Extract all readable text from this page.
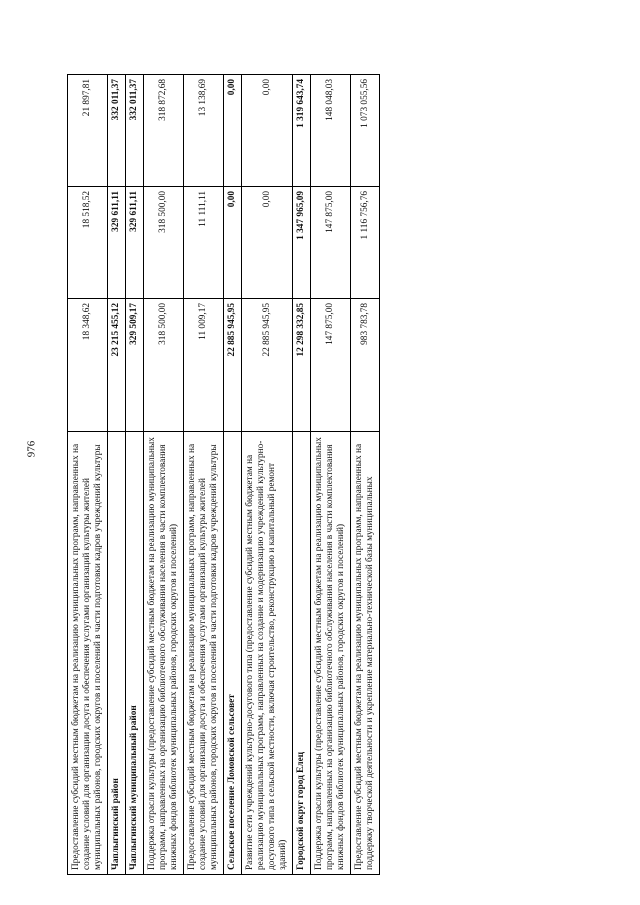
976	Предоставление субсидий местным бюджетам на реализацию муниципальных программ, направленных на создание условий для организации досуга и обеспечения услугами организаций культуры жителей муниципальных районов, городских округов и поселений в части подготовки кадров учреждений культуры	18 348,62	18 518,52	21 897,81
Чаплыгинский район	23 215 455,12	329 611,11	332 011,37
Чаплыгинский муниципальный район	329 509,17	329 611,11	332 011,37
Поддержка отрасли культуры (предоставление субсидий местным бюджетам на реализацию муниципальных программ, направленных на организацию библиотечного обслуживания населения в части комплектования книжных фондов библиотек муниципальных районов, городских округов и поселений)	318 500,00	318 500,00	318 872,68
Предоставление субсидий местным бюджетам на реализацию муниципальных программ, направленных на создание условий для организации досуга и обеспечения услугами организаций культуры жителей муниципальных районов, городских округов и поселений в части подготовки кадров учреждений культуры	11 009,17	11 111,11	13 138,69
Сельское поселение Ломовской сельсовет	22 885 945,95	0,00	0,00
Развитие сети учреждений культурно-досугового типа (предоставление субсидий местным бюджетам на реализацию муниципальных программ, направленных на создание и модернизацию учреждений культурно-досугового типа в сельской местности, включая строительство, реконструкцию и капитальный ремонт зданий)	22 885 945,95	0,00	0,00
Городской округ город Елец	12 298 332,85	1 347 965,09	1 319 643,74
Поддержка отрасли культуры (предоставление субсидий местным бюджетам на реализацию муниципальных программ, направленных на организацию библиотечного обслуживания населения в части комплектования книжных фондов библиотек муниципальных районов, городских округов и поселений)	147 875,00	147 875,00	148 048,03
Предоставление субсидий местным бюджетам на реализацию муниципальных программ, направленных на поддержку творческой деятельности и укрепление материально-технической базы муниципальных	983 783,78	1 116 756,76	1 073 055,56
